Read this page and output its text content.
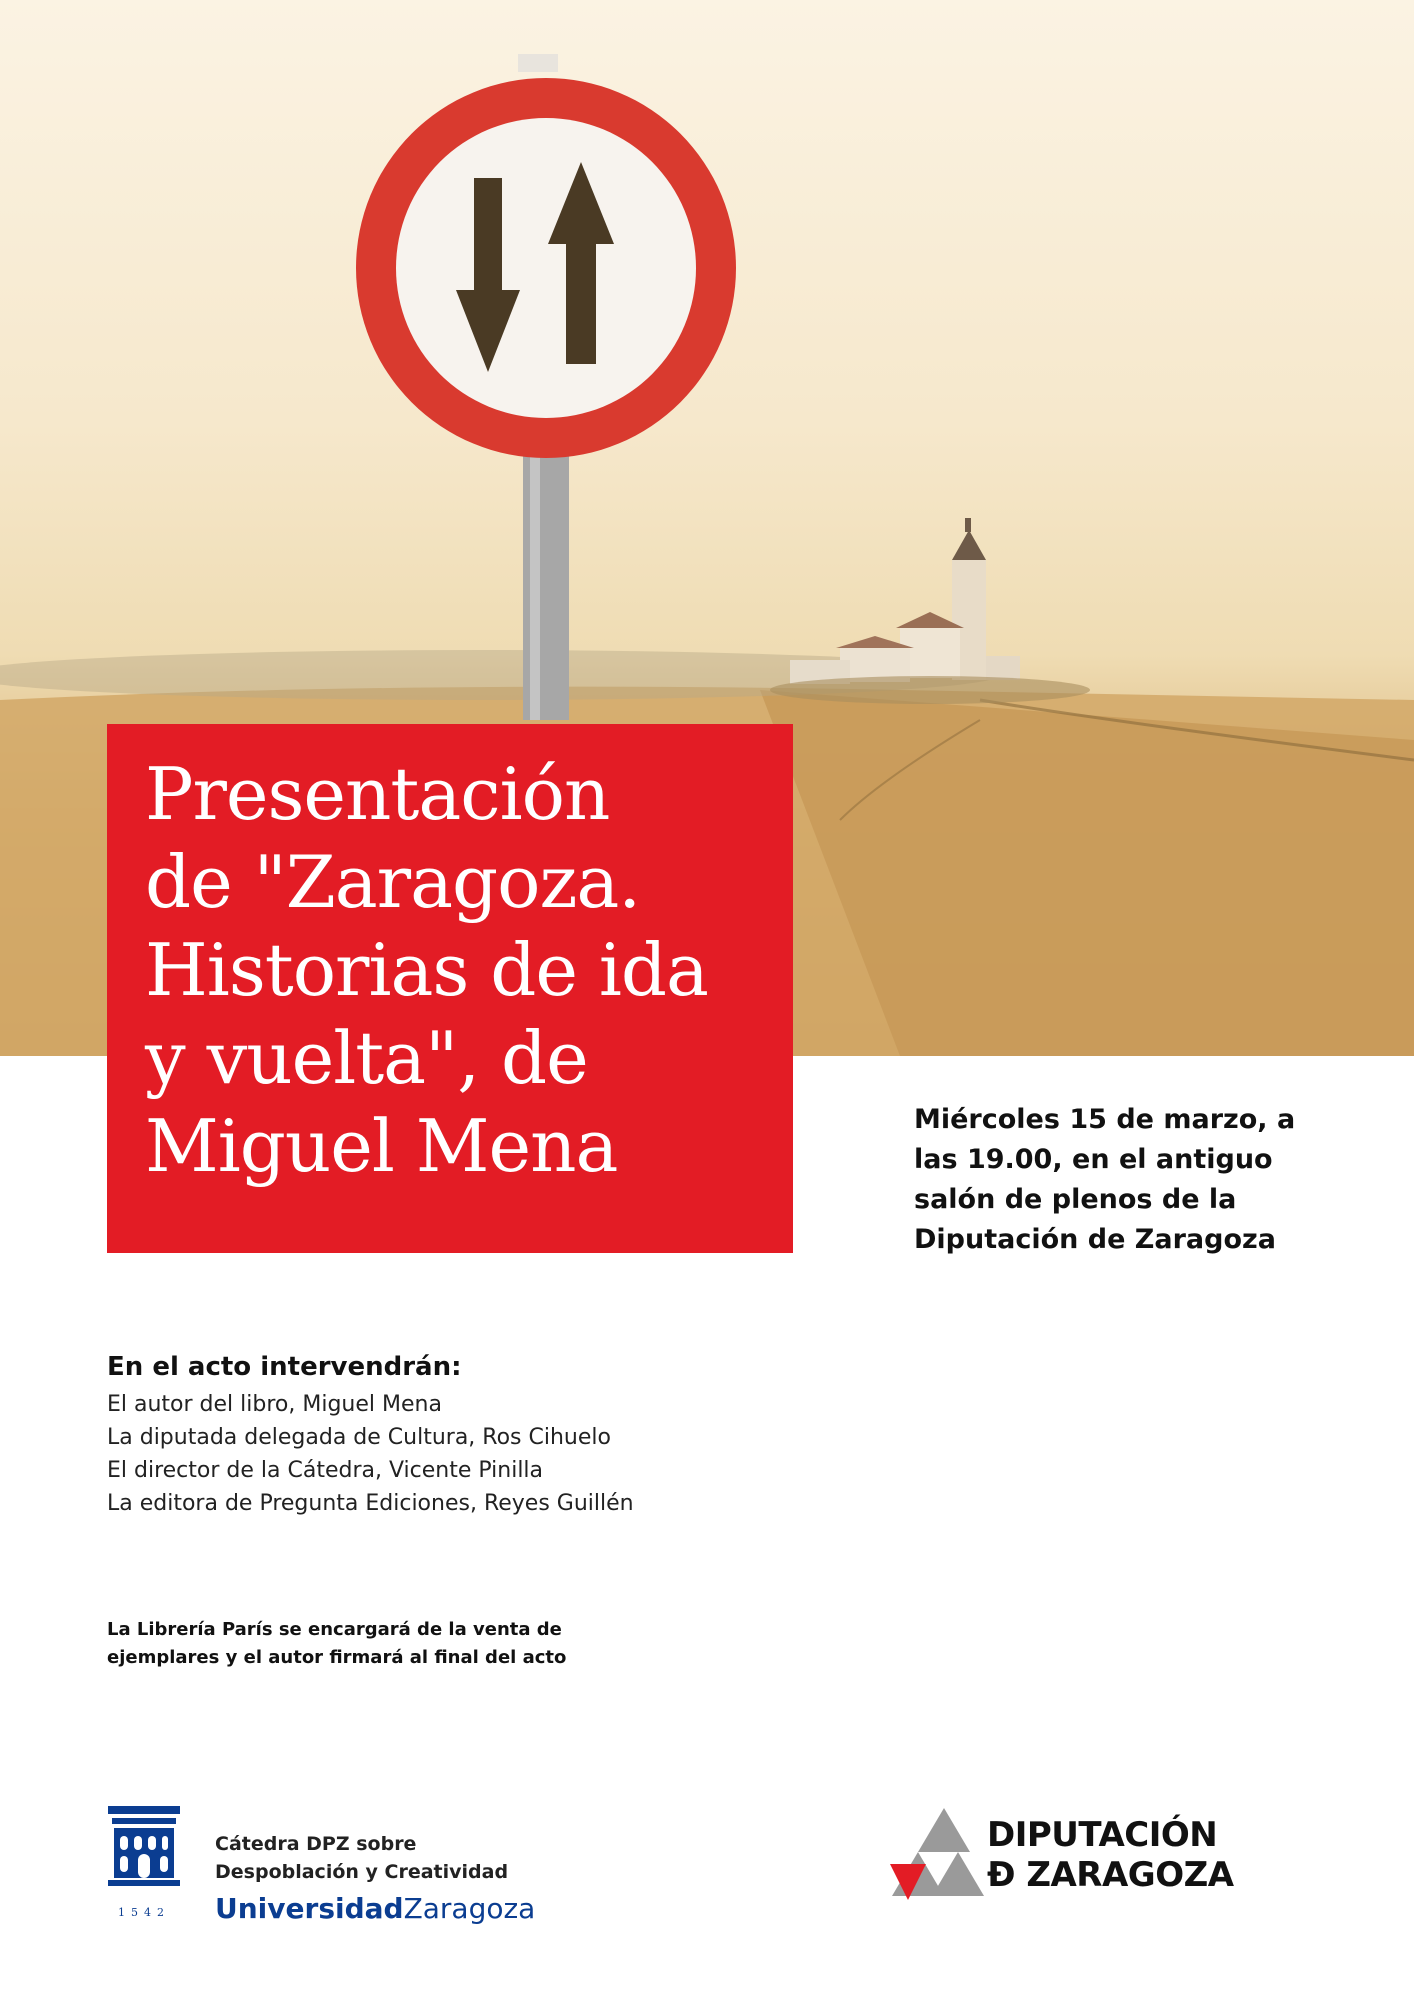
Presentación
de "Zaragoza.
Historias de ida
y vuelta", de
Miguel Mena	Miércoles 15 de marzo, a
las 19.00, en el antiguo
salón de plenos de la
Diputación de Zaragoza
En el acto intervendrán:
El autor del libro, Miguel Mena
La diputada delegada de Cultura, Ros Cihuelo
El director de la Cátedra, Vicente Pinilla
La editora de Pregunta Ediciones, Reyes Guillén
La Librería París se encargará de la venta de
ejemplares y el autor firmará al final del acto
1542
Cátedra DPZ sobre
Despoblación y Creatividad
UniversidadZaragoza
DIPUTACIÓN
Ð ZARAGOZA
